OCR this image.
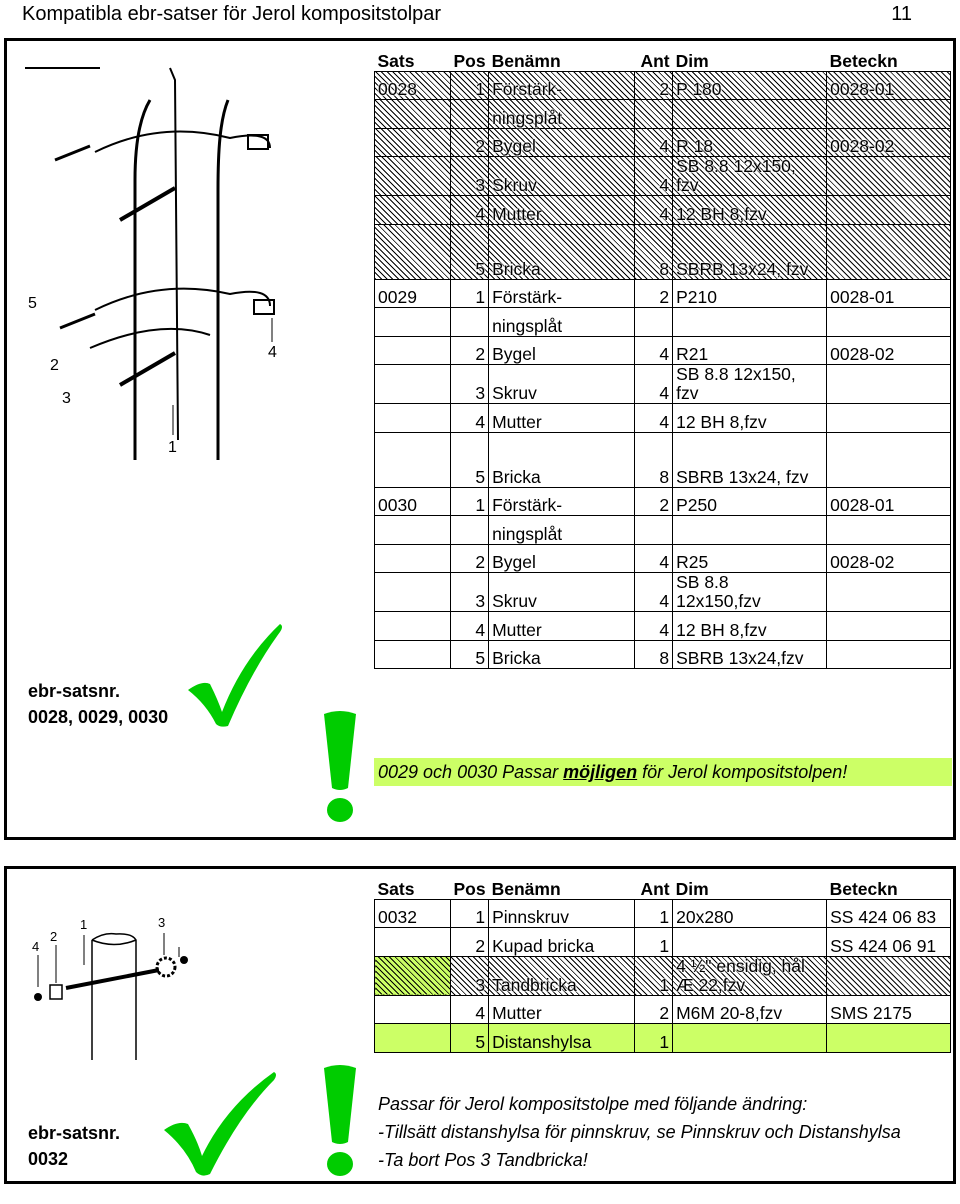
Kompatibla ebr-satser för Jerol kompositstolpar	11
5
2
3
4
1
Sats	Pos	Benämn	Ant	Dim	Beteckn
0028	1	Förstärk-	2	P 180	0028-01
		ningsplåt			
	2	Bygel	4	R 18	0028-02
	3	Skruv	4	SB 8.8 12x150,
fzv	
	4	Mutter	4	12 BH 8,fzv	
	5	Bricka	8	SBRB 13x24, fzv	
0029	1	Förstärk-	2	P210	0028-01
		ningsplåt			
	2	Bygel	4	R21	0028-02
	3	Skruv	4	SB 8.8 12x150,
fzv	
	4	Mutter	4	12 BH 8,fzv	
	5	Bricka	8	SBRB 13x24, fzv	
0030	1	Förstärk-	2	P250	0028-01
		ningsplåt			
	2	Bygel	4	R25	0028-02
	3	Skruv	4	SB 8.8
12x150,fzv	
	4	Mutter	4	12 BH 8,fzv	
	5	Bricka	8	SBRB 13x24,fzv	
ebr-satsnr.
0028, 0029, 0030
0029 och 0030 Passar möjligen för Jerol kompositstolpen!
4
2
1	3
Sats	Pos	Benämn	Ant	Dim	Beteckn
0032	1	Pinnskruv	1	20x280	SS 424 06 83
	2	Kupad bricka	1		SS 424 06 91
	3	Tandbricka	1	4 ½" ensidig, hål
Æ 22,fzv	
	4	Mutter	2	M6M 20-8,fzv	SMS 2175
	5	Distanshylsa	1		
ebr-satsnr.
0032
Passar för Jerol kompositstolpe med följande ändring:
-Tillsätt distanshylsa för pinnskruv, se Pinnskruv och Distanshylsa
-Ta bort Pos 3 Tandbricka!
